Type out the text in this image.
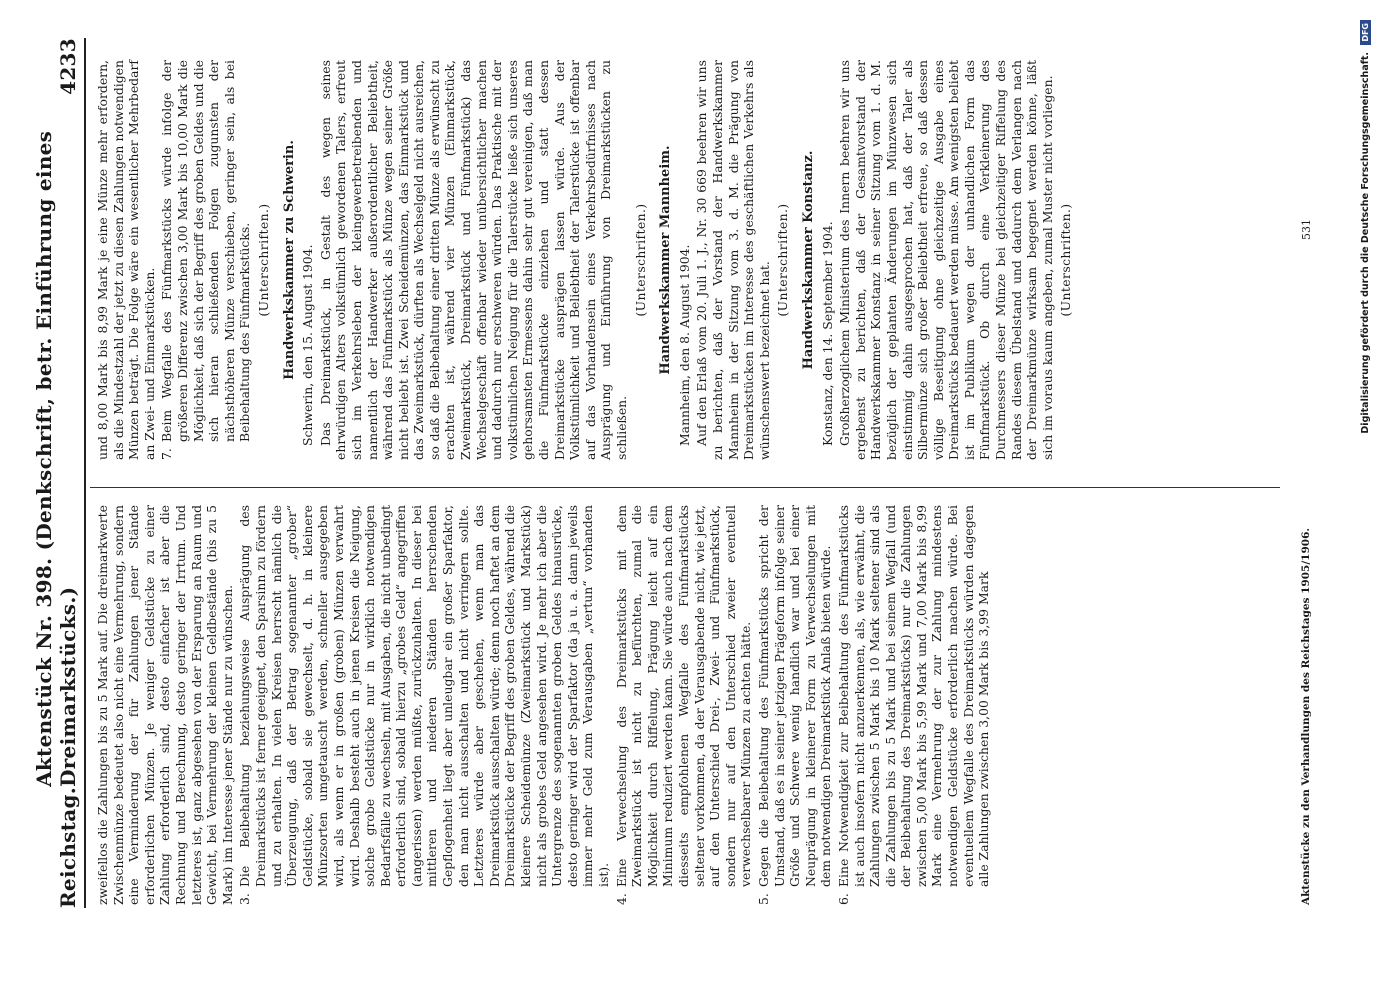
Reichstag.
Aktenstück Nr. 398. (Denkschrift, betr. Einführung eines Dreimarkstücks.)
4233

zweifellos die Zahlungen bis zu 5 Mark auf. Die dreimarkwerte Zwischenmünze bedeutet also nicht eine Vermehrung, sondern eine Verminderung der für Zahlungen jener Stände erforderlichen Münzen. Je weniger Geldstücke zu einer Zahlung erforderlich sind, desto einfacher ist aber die Rechnung und Berechnung, desto geringer der Irrtum. Und letzteres ist, ganz abgesehen von der Ersparung an Raum und Gewicht, bei Vermehrung der kleinen Geldbestände (bis zu 5 Mark) im Interesse jener Stände nur zu wünschen. 3.
Die Beibehaltung beziehungsweise Ausprägung des Dreimarkstücks ist ferner geeignet, den Sparsinn zu fördern und zu erhalten. In vielen Kreisen herrscht nämlich die Überzeugung, daß der Betrag sogenannter „grober“ Geldstücke, sobald sie gewechselt, d. h. in kleinere Münzsorten umgetauscht werden, schneller ausgegeben wird, als wenn er in großen (groben) Münzen verwahrt wird. Deshalb besteht auch in jenen Kreisen die Neigung, solche grobe Geldstücke nur in wirklich notwendigen Bedarfsfälle zu wechseln, mit Ausgaben, die nicht unbedingt erforderlich sind, sobald hierzu „grobes Geld“ angegriffen (angerissen) werden müßte, zurückzuhalten. In dieser bei mittleren und niederen Ständen herrschenden Gepflogenheit liegt aber unleugbar ein großer Sparfaktor, den man nicht ausschalten und nicht verringern sollte. Letzteres würde aber geschehen, wenn man das Dreimarkstück ausschalten würde; denn noch haftet an dem Dreimarkstücke der Begriff des groben Geldes, während die kleinere Scheidemünze (Zweimarkstück und Markstück) nicht als grobes Geld angesehen wird. Je mehr ich aber die Untergrenze des sogenannten groben Geldes hinausrücke, desto geringer wird der Sparfaktor (da ja u. a. dann jeweils immer mehr Geld zum Verausgaben „vertun“ vorhanden ist).
4.
Eine Verwechselung des Dreimarkstücks mit dem Zweimarkstück ist nicht zu befürchten, zumal die Möglichkeit durch Riffelung, Prägung leicht auf ein Minimum reduziert werden kann. Sie würde auch nach dem diesseits empfohlenen Wegfalle des Fünfmarkstücks seltener vorkommen, da der Verausgabende nicht, wie jetzt, auf den Unterschied Drei-, Zwei- und Fünfmarkstück, sondern nur auf den Unterschied zweier eventuell verwechselbarer Münzen zu achten hätte.
5.
Gegen die Beibehaltung des Fünfmarkstücks spricht der Umstand, daß es in seiner jetzigen Prägeform infolge seiner Größe und Schwere wenig handlich war und bei einer Neuprägung in kleinerer Form zu Verwechselungen mit dem notwendigen Dreimarkstück Anlaß bieten würde.
6.
Eine Notwendigkeit zur Beibehaltung des Fünfmarkstücks ist auch insofern nicht anzuerkennen, als, wie erwähnt, die Zahlungen zwischen 5 Mark bis 10 Mark seltener sind als die Zahlungen bis zu 5 Mark und bei seinem Wegfall (und der Beibehaltung des Dreimarkstücks) nur die Zahlungen zwischen 5,00 Mark bis 5,99 Mark und 7,00 Mark bis 8,99 Mark eine Vermehrung der zur Zahlung mindestens notwendigen Geldstücke erforderlich machen würde. Bei eventuellem Wegfalle des Dreimarkstücks würden dagegen alle Zahlungen zwischen 3,00 Mark bis 3,99 Mark

und 8,00 Mark bis 8,99 Mark je eine Münze mehr erfordern, als die Mindestzahl der jetzt zu diesen Zahlungen notwendigen Münzen beträgt. Die Folge wäre ein wesentlicher Mehrbedarf an Zwei- und Einmarkstücken. 7.
Beim Wegfalle des Fünfmarkstücks würde infolge der größeren Differenz zwischen 3,00 Mark bis 10,00 Mark die Möglichkeit, daß sich der Begriff des groben Geldes und die sich hieran schließenden Folgen zugunsten der nächsthöheren Münze verschieben, geringer sein, als bei Beibehaltung des Fünfmarkstücks. (Unterschriften.) Handwerkskammer zu Schwerin. Schwerin, den 15. August 1904. Das Dreimarkstück, in Gestalt des wegen seines ehrwürdigen Alters volkstümlich gewordenen Talers, erfreut sich im Verkehrsleben der kleingewerbetreibenden und namentlich der Handwerker außerordentlicher Beliebtheit, während das Fünfmarkstück als Münze wegen seiner Größe nicht beliebt ist. Zwei Scheidemünzen, das Einmarkstück und das Zweimarkstück, dürften als Wechselgeld nicht ausreichen, so daß die Beibehaltung einer dritten Münze als erwünscht zu erachten ist, während vier Münzen (Einmarkstück, Zweimarkstück, Dreimarkstück und Fünfmarkstück) das Wechselgeschäft offenbar wieder unübersichtlicher machen und dadurch nur erschweren würden. Das Praktische mit der volkstümlichen Neigung für die Talerstücke ließe sich unseres gehorsamsten Ermessens dahin sehr gut vereinigen, daß man die Fünfmarkstücke einziehen und statt dessen Dreimarkstücke ausprägen lassen würde. Aus der Volkstümlichkeit und Beliebtheit der Talerstücke ist offenbar auf das Vorhandensein eines Verkehrsbedürfnisses nach Ausprägung und Einführung von Dreimarkstücken zu schließen.

(Unterschriften.) Handwerkskammer Mannheim. Mannheim, den 8. August 1904. Auf den Erlaß vom 20. Juli 1. J., Nr. 30 669 beehren wir uns zu berichten, daß der Vorstand der Handwerkskammer Mannheim in der Sitzung vom 3. d. M. die Prägung von Dreimarkstücken im Interesse des geschäftlichen Verkehrs als wünschenswert bezeichnet hat.

(Unterschriften.) Handwerkskammer Konstanz. Konstanz, den 14. September 1904. Großherzoglichem Ministerium des Innern beehren wir uns ergebenst zu berichten, daß der Gesamtvorstand der Handwerkskammer Konstanz in seiner Sitzung vom 1. d. M. bezüglich der geplanten Änderungen im Münzwesen sich einstimmig dahin ausgesprochen hat, daß der Taler als Silbermünze sich großer Beliebtheit erfreue, so daß dessen völlige Beseitigung ohne gleichzeitige Ausgabe eines Dreimarkstücks bedauert werden müsse. Am wenigsten beliebt ist im Publikum wegen der unhandlichen Form das Fünfmarkstück. Ob durch eine Verkleinerung des Durchmessers dieser Münze bei gleichzeitiger Riffelung des Randes diesem Übelstand und dadurch dem Verlangen nach der Dreimarkmünze wirksam begegnet werden könne, läßt sich im voraus kaum angeben, zumal Muster nicht vorliegen. (Unterschriften.)
Aktenstücke zu den Verhandlungen des Reichstages 1905/1906.
531	Digitalisierung gefördert durch die Deutsche Forschungsgemeinschaft. DFG
